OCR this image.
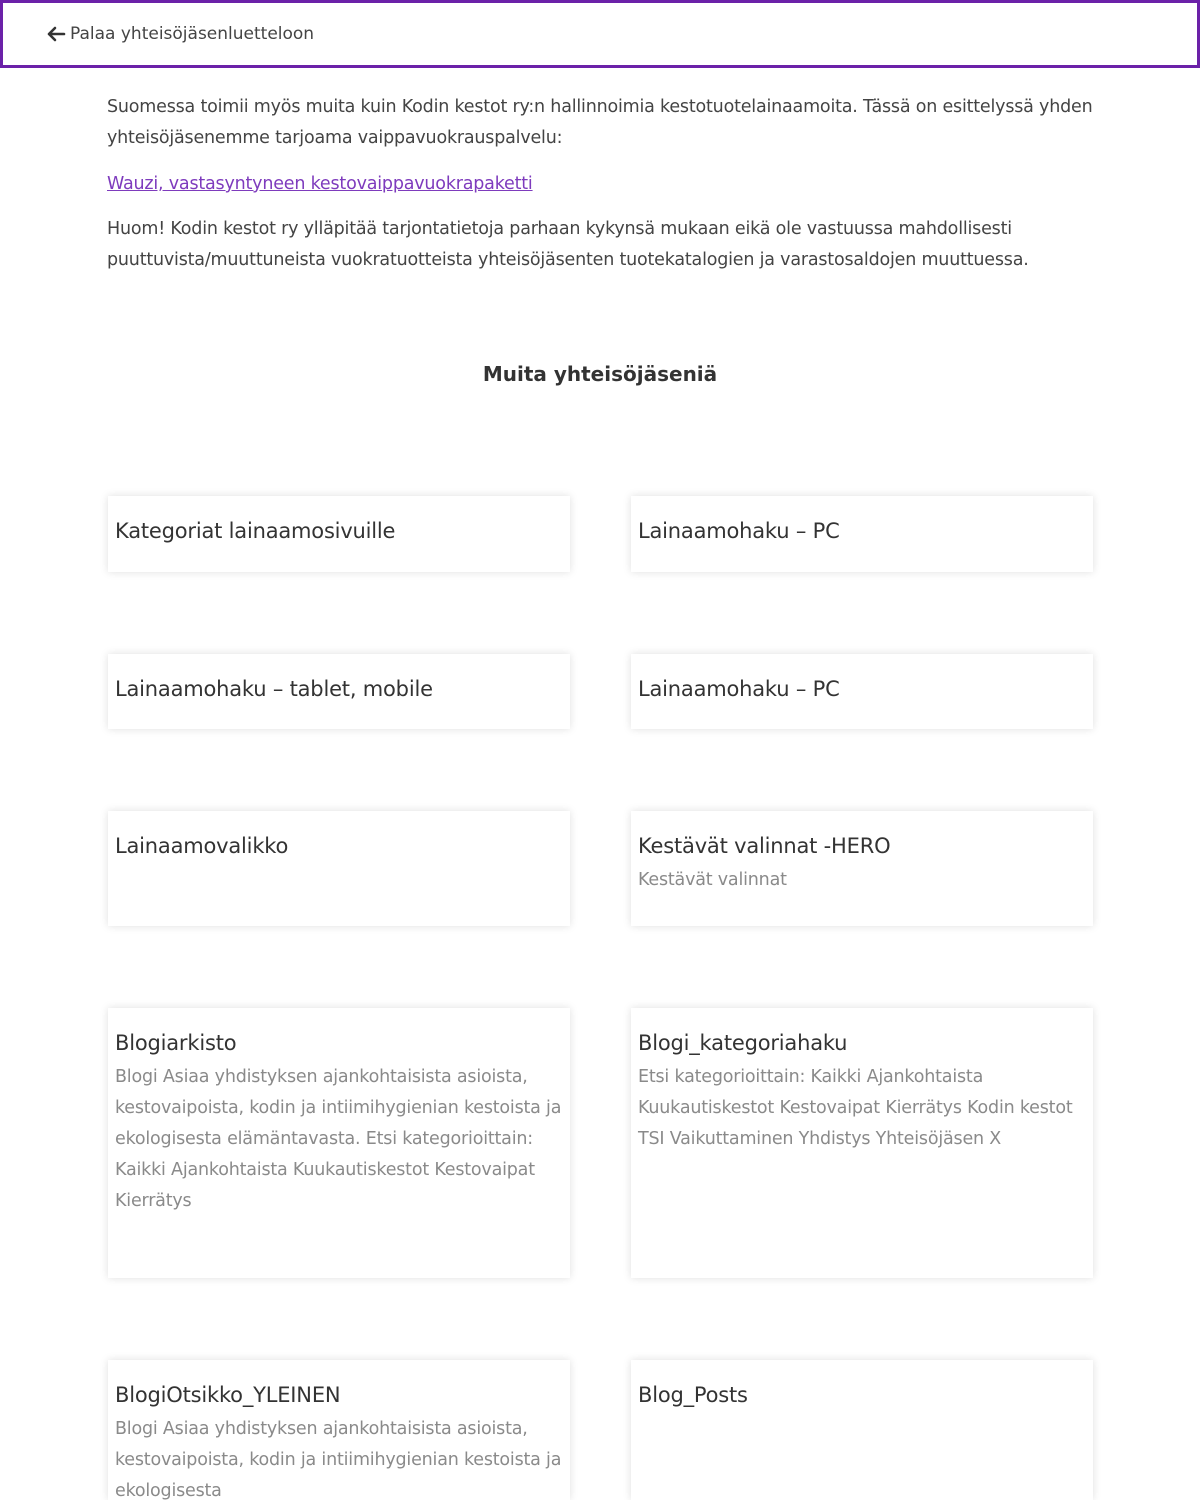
Palaa yhteisöjäsenluetteloon

Suomessa toimii myös muita kuin Kodin kestot ry:n hallinnoimia kestotuotelainaamoita. Tässä on esittelyssä yhden yhteisöjäsenemme tarjoama vaippavuokrauspalvelu:

Wauzi, vastasyntyneen kestovaippavuokrapaketti

Huom! Kodin kestot ry ylläpitää tarjontatietoja parhaan kykynsä mukaan eikä ole vastuussa mahdollisesti puuttuvista/muuttuneista vuokratuotteista yhteisöjäsenten tuotekatalogien ja varastosaldojen muuttuessa.

Muita yhteisöjäseniä
Kategoriat lainaamosivuille	Lainaamohaku – PC
Lainaamohaku – tablet, mobile	Lainaamohaku – PC
Lainaamovalikko	Kestävät valinnat -HERO

Kestävät valinnat

Blogiarkisto

Blogi Asiaa yhdistyksen ajankohtaisista asioista, kestovaipoista, kodin ja intiimihygienian kestoista ja ekologisesta elämäntavasta. Etsi kategorioittain: Kaikki Ajankohtaista Kuukautiskestot Kestovaipat Kierrätys

Blogi_kategoriahaku

Etsi kategorioittain: Kaikki Ajankohtaista Kuukautiskestot Kestovaipat Kierrätys Kodin kestot TSI Vaikuttaminen Yhdistys Yhteisöjäsen X

BlogiOtsikko_YLEINEN

Blogi Asiaa yhdistyksen ajankohtaisista asioista, kestovaipoista, kodin ja intiimihygienian kestoista ja ekologisesta

Blog_Posts
